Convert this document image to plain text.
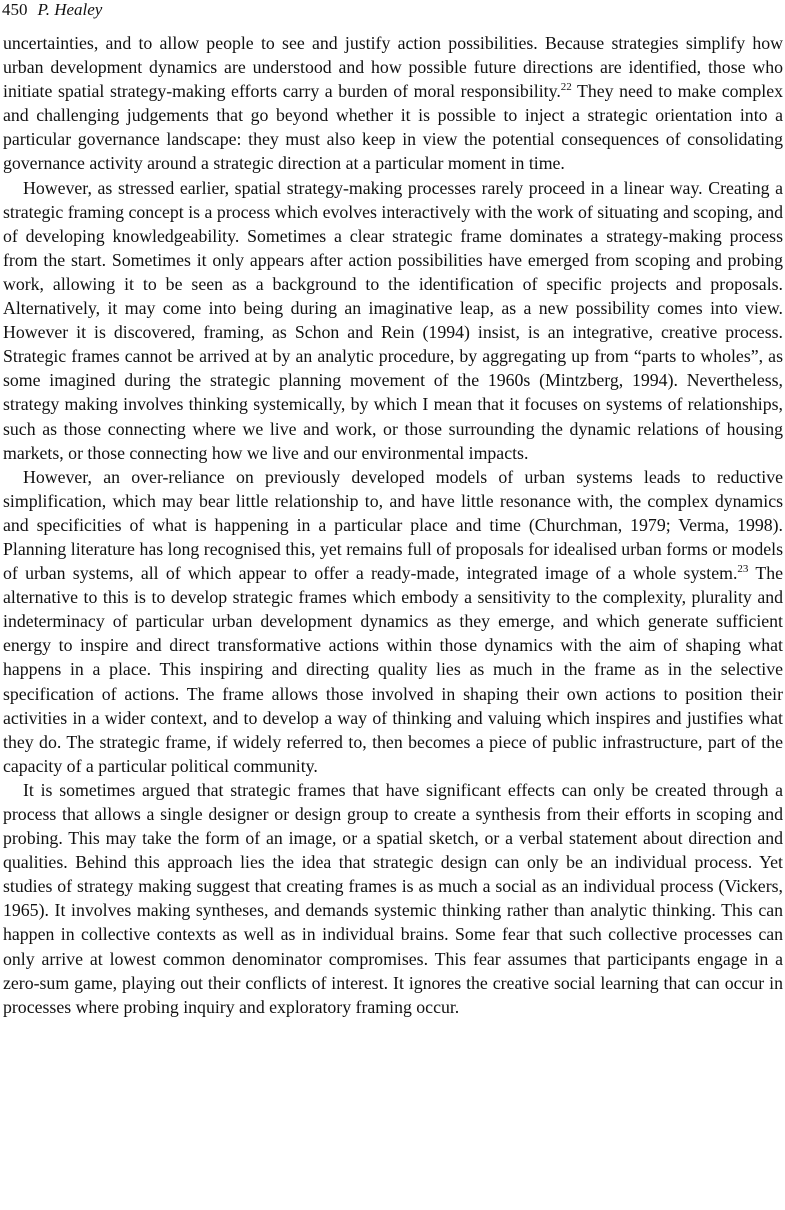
450 P. Healey

uncertainties, and to allow people to see and justify action possibilities. Because strategies simplify how urban development dynamics are understood and how possible future directions are identified, those who initiate spatial strategy-making efforts carry a burden of moral responsibility.$^{22}$ They need to make complex and challenging judgements that go beyond whether it is possible to inject a strategic orientation into a particular governance landscape: they must also keep in view the potential consequences of consolidating governance activity around a strategic direction at a particular moment in time.

However, as stressed earlier, spatial strategy-making processes rarely proceed in a linear way. Creating a strategic framing concept is a process which evolves interactively with the work of situating and scoping, and of developing knowledgeability. Sometimes a clear strategic frame dominates a strategy-making process from the start. Sometimes it only appears after action possibilities have emerged from scoping and probing work, allowing it to be seen as a background to the identification of specific projects and proposals. Alternatively, it may come into being during an imaginative leap, as a new possibility comes into view. However it is discovered, framing, as Schon and Rein (1994) insist, is an integrative, creative process. Strategic frames cannot be arrived at by an analytic procedure, by aggregating up from “parts to wholes”, as some imagined during the strategic planning movement of the 1960s (Mintzberg, 1994). Nevertheless, strategy making involves thinking systemically, by which I mean that it focuses on systems of relationships, such as those connecting where we live and work, or those surrounding the dynamic relations of housing markets, or those connecting how we live and our environmental impacts.

However, an over-reliance on previously developed models of urban systems leads to reductive simplification, which may bear little relationship to, and have little resonance with, the complex dynamics and specificities of what is happening in a particular place and time (Churchman, 1979; Verma, 1998). Planning literature has long recognised this, yet remains full of proposals for idealised urban forms or models of urban systems, all of which appear to offer a ready-made, integrated image of a whole system.$^{23}$ The alternative to this is to develop strategic frames which embody a sensitivity to the complexity, plurality and indeterminacy of particular urban development dynamics as they emerge, and which generate sufficient energy to inspire and direct transformative actions within those dynamics with the aim of shaping what happens in a place. This inspiring and directing quality lies as much in the frame as in the selective specification of actions. The frame allows those involved in shaping their own actions to position their activities in a wider context, and to develop a way of thinking and valuing which inspires and justifies what they do. The strategic frame, if widely referred to, then becomes a piece of public infrastructure, part of the capacity of a particular political community.

It is sometimes argued that strategic frames that have significant effects can only be created through a process that allows a single designer or design group to create a synthesis from their efforts in scoping and probing. This may take the form of an image, or a spatial sketch, or a verbal statement about direction and qualities. Behind this approach lies the idea that strategic design can only be an individual process. Yet studies of strategy making suggest that creating frames is as much a social as an individual process (Vickers, 1965). It involves making syntheses, and demands systemic thinking rather than analytic thinking. This can happen in collective contexts as well as in individual brains. Some fear that such collective processes can only arrive at lowest common denominator compromises. This fear assumes that participants engage in a zero-sum game, playing out their conflicts of interest. It ignores the creative social learning that can occur in processes where probing inquiry and exploratory framing occur.
